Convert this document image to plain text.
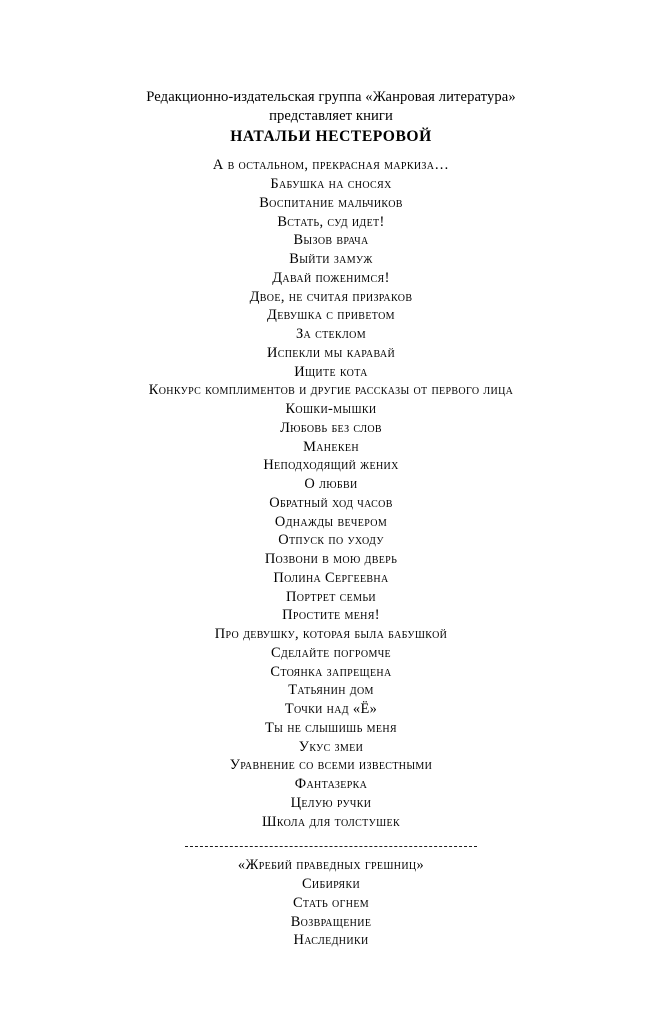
Редакционно-издательская группа «Жанровая литература»
представляет книги
НАТАЛЬИ НЕСТЕРОВОЙ
А в остальном, прекрасная маркиза…
Бабушка на сносях
Воспитание мальчиков
Встать, суд идет!
Вызов врача
Выйти замуж
Давай поженимся!
Двое, не считая призраков
Девушка с приветом
За стеклом
Испекли мы каравай
Ищите кота
Конкурс комплиментов и другие рассказы от первого лица
Кошки-мышки
Любовь без слов
Манекен
Неподходящий жених
О любви
Обратный ход часов
Однажды вечером
Отпуск по уходу
Позвони в мою дверь
Полина Сергеевна
Портрет семьи
Простите меня!
Про девушку, которая была бабушкой
Сделайте погромче
Стоянка запрещена
Татьянин дом
Точки над «Ё»
Ты не слышишь меня
Укус змеи
Уравнение со всеми известными
Фантазерка
Целую ручки
Школа для толстушек
«Жребий праведных грешниц»
Сибиряки
Стать огнем
Возвращение
Наследники
